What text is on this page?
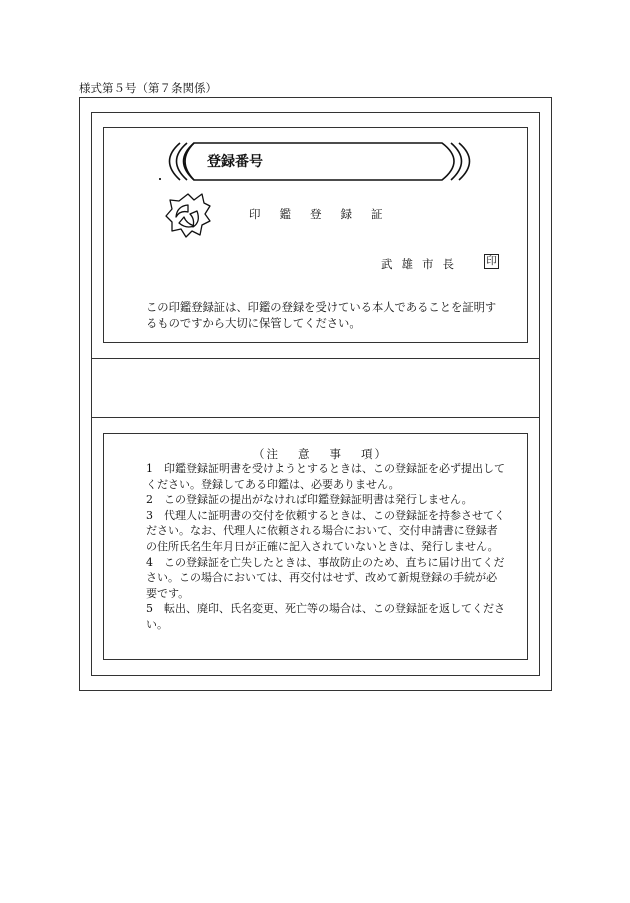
様式第５号（第７条関係）
登録番号
印鑑登録証
武雄市長 印
この印鑑登録証は、印鑑の登録を受けている本人であることを証明するものですから大切に保管してください。
（注 意 事 項）
1　印鑑登録証明書を受けようとするときは、この登録証を必ず提出してください。登録してある印鑑は、必要ありません。
2　この登録証の提出がなければ印鑑登録証明書は発行しません。
3　代理人に証明書の交付を依頼するときは、この登録証を持参させてください。なお、代理人に依頼される場合において、交付申請書に登録者の住所氏名生年月日が正確に記入されていないときは、発行しません。
4　この登録証を亡失したときは、事故防止のため、直ちに届け出てください。この場合においては、再交付はせず、改めて新規登録の手続が必要です。
5　転出、廃印、氏名変更、死亡等の場合は、この登録証を返してください。
